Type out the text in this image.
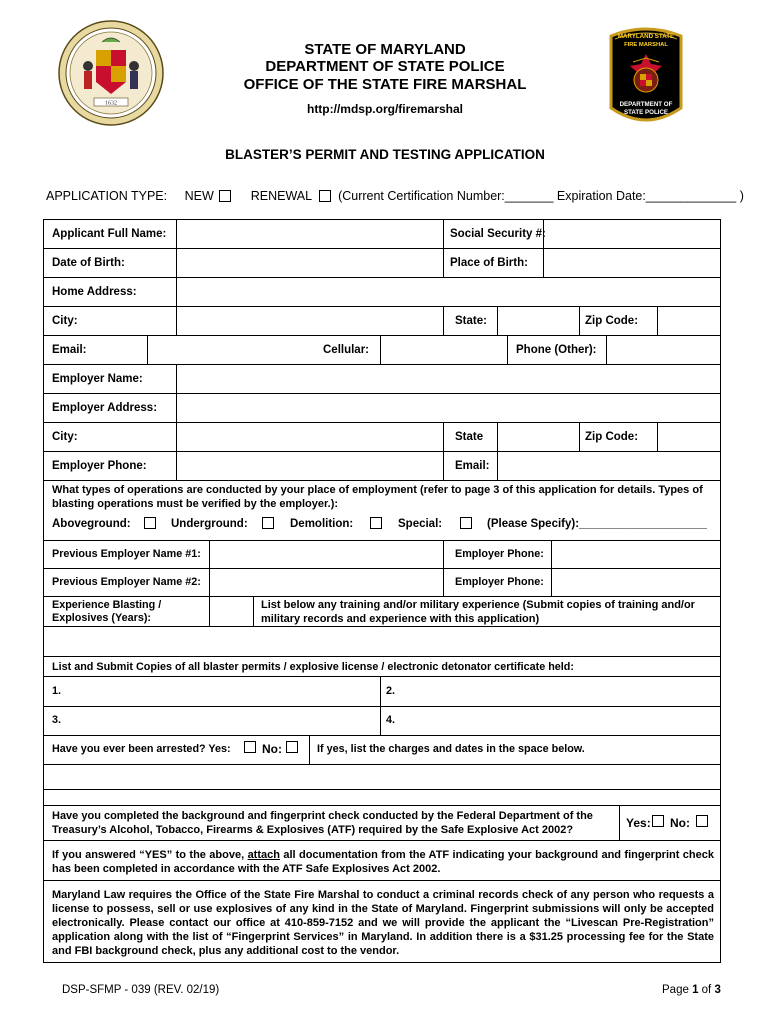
1632
STATE OF MARYLAND
DEPARTMENT OF STATE POLICE
OFFICE OF THE STATE FIRE MARSHAL
http://mdsp.org/firemarshal
MARYLAND STATE
FIRE MARSHAL
DEPARTMENT OF
STATE POLICE
BLASTER’S PERMIT AND TESTING APPLICATION
APPLICATION TYPE: NEW	RENEWAL (Current Certification Number:_______ Expiration Date:_____________ )
Applicant Full Name:	Social Security #:
Date of Birth:	Place of Birth:
Home Address:
City:	State:	Zip Code:
Email:	Cellular:	Phone (Other):
Employer Name:
Employer Address:
City:	State	Zip Code:
Employer Phone:	Email:
What types of operations are conducted by your place of employment (refer to page 3 of this application for details. Types of blasting operations must be verified by the employer.):
Aboveground:	Underground:	Demolition:	Special:	(Please Specify):____________________
Previous Employer Name #1:	Employer Phone:
Previous Employer Name #2:	Employer Phone:
Experience Blasting /
Explosives (Years):
List below any training and/or military experience (Submit copies of training and/or military records and experience with this application)
List and Submit Copies of all blaster permits / explosive license / electronic detonator certificate held:
1.	2.
3.	4.
Have you ever been arrested? Yes:	No:	If yes, list the charges and dates in the space below.
Have you completed the background and fingerprint check conducted by the Federal Department of the Treasury’s Alcohol, Tobacco, Firearms & Explosives (ATF) required by the Safe Explosive Act 2002?	Yes: No:
If you answered “YES” to the above, attach all documentation from the ATF indicating your background and fingerprint check has been completed in accordance with the ATF Safe Explosives Act 2002.
Maryland Law requires the Office of the State Fire Marshal to conduct a criminal records check of any person who requests a license to possess, sell or use explosives of any kind in the State of Maryland. Fingerprint submissions will only be accepted electronically. Please contact our office at 410-859-7152 and we will provide the applicant the “Livescan Pre-Registration” application along with the list of “Fingerprint Services” in Maryland. In addition there is a $31.25 processing fee for the State and FBI background check, plus any additional cost to the vendor.
DSP-SFMP - 039 (REV. 02/19)	Page 1 of 3
